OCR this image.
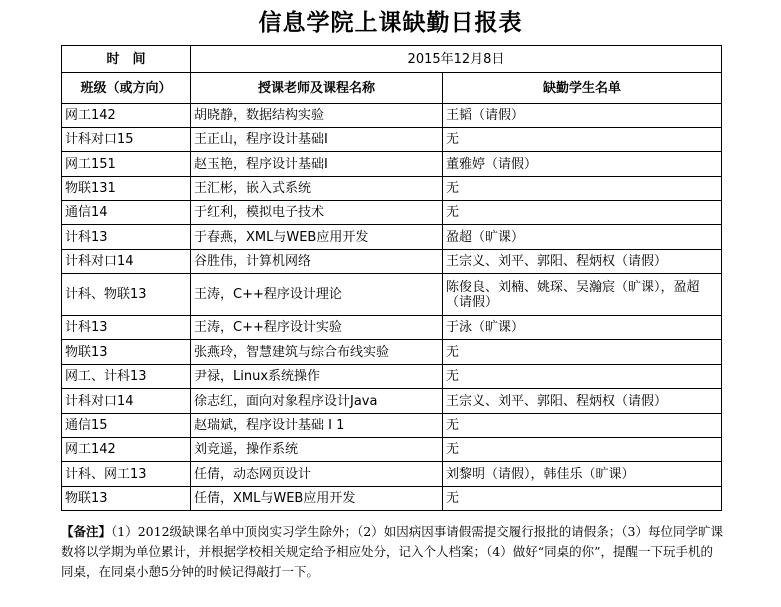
信息学院上课缺勤日报表
时　间	2015年12月8日	
班级（或方向）	授课老师及课程名称	缺勤学生名单
网工142	胡晓静，数据结构实验	王韬（请假）
计科对口15	王正山，程序设计基础I	无
网工151	赵玉艳，程序设计基础I	董雅婷（请假）
物联131	王汇彬，嵌入式系统	无
通信14	于红利，模拟电子技术	无
计科13	于春燕，XML与WEB应用开发	盈超（旷课）
计科对口14	谷胜伟，计算机网络	王宗义、刘平、郭阳、程炳权（请假）
计科、物联13	王涛，C++程序设计理论	陈俊良、刘楠、姚琛、吴瀚宸（旷课），盈超（请假）
计科13	王涛，C++程序设计实验	于泳（旷课）
物联13	张燕玲，智慧建筑与综合布线实验	无
网工、计科13	尹禄，Linux系统操作	无
计科对口14	徐志红，面向对象程序设计Java	王宗义、刘平、郭阳、程炳权（请假）
通信15	赵瑞斌，程序设计基础 I 1	无
网工142	刘竞遥，操作系统	无
计科、网工13	任倩，动态网页设计	刘黎明（请假），韩佳乐（旷课）
物联13	任倩，XML与WEB应用开发	无
【备注】（1）2012级缺课名单中顶岗实习学生除外；（2）如因病因事请假需提交履行报批的请假条；（3）每位同学旷课数将以学期为单位累计，并根据学校相关规定给予相应处分，记入个人档案；（4）做好“同桌的你”，提醒一下玩手机的同桌，在同桌小憩5分钟的时候记得敲打一下。
